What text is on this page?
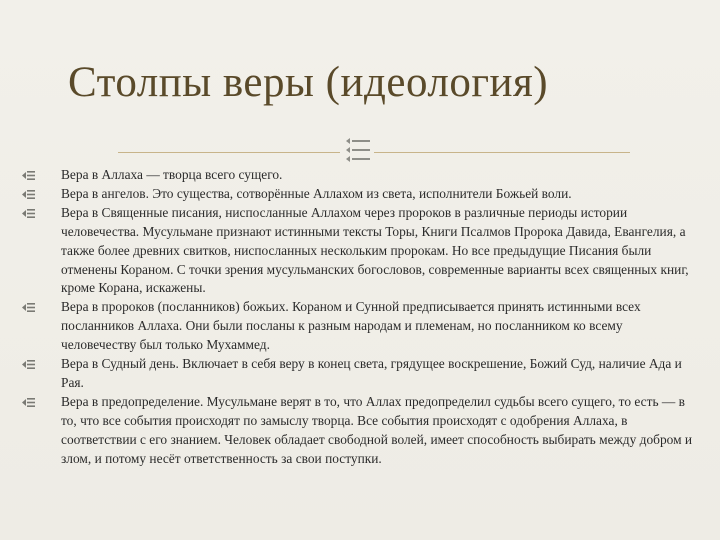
Столпы веры (идеология)
Вера в Аллаха — творца всего сущего.
Вера в ангелов. Это существа, сотворённые Аллахом из света, исполнители Божьей воли.
Вера в Священные писания, ниспосланные Аллахом через пророков в различные периоды истории человечества. Мусульмане признают истинными тексты Торы, Книги Псалмов Пророка Давида, Евангелия, а также более древних свитков, ниспосланных нескольким пророкам. Но все предыдущие Писания были отменены Кораном. С точки зрения мусульманских богословов, современные варианты всех священных книг, кроме Корана, искажены.
Вера в пророков (посланников) божьих. Кораном и Сунной предписывается принять истинными всех посланников Аллаха. Они были посланы к разным народам и племенам, но посланником ко всему человечеству был только Мухаммед.
Вера в Судный день. Включает в себя веру в конец света, грядущее воскрешение, Божий Суд, наличие Ада и Рая.
Вера в предопределение. Мусульмане верят в то, что Аллах предопределил судьбы всего сущего, то есть — в то, что все события происходят по замыслу творца. Все события происходят с одобрения Аллаха, в соответствии с его знанием. Человек обладает свободной волей, имеет способность выбирать между добром и злом, и потому несёт ответственность за свои поступки.
